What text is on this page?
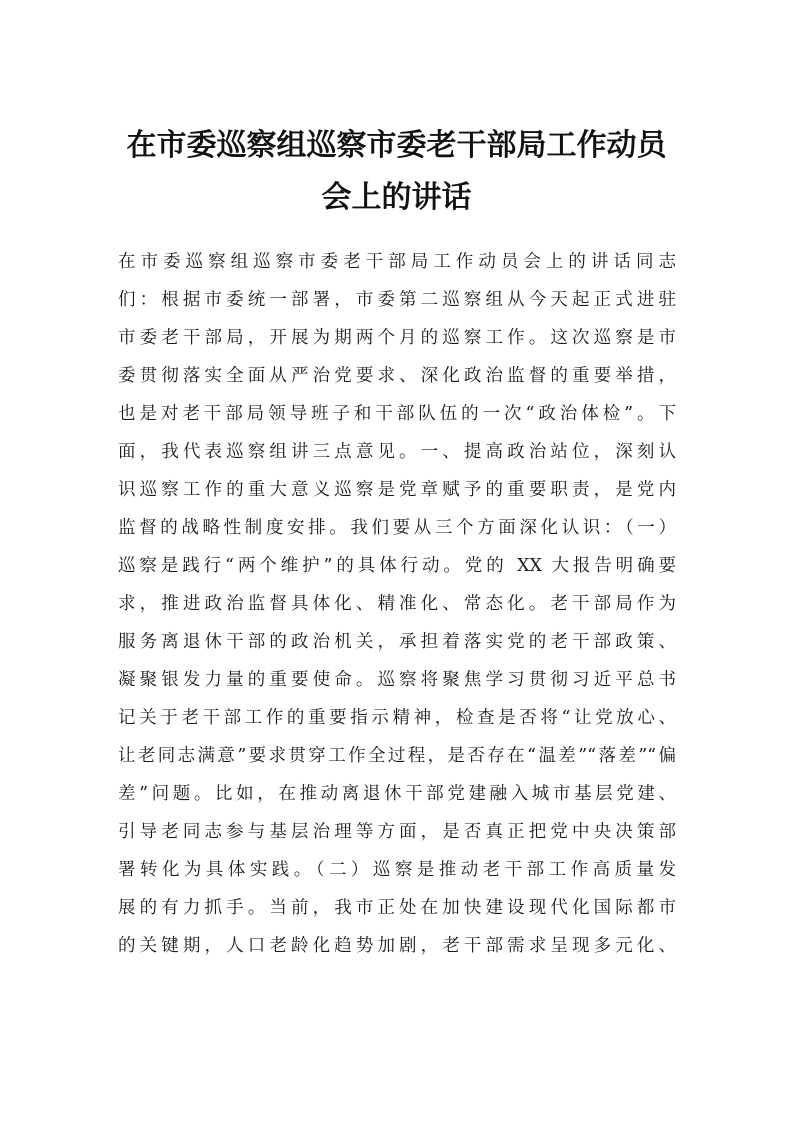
在市委巡察组巡察市委老干部局工作动员
会上的讲话
在市委巡察组巡察市委老干部局工作动员会上的讲话同志
们：根据市委统一部署，市委第二巡察组从今天起正式进驻
市委老干部局，开展为期两个月的巡察工作。这次巡察是市
委贯彻落实全面从严治党要求、深化政治监督的重要举措，
也是对老干部局领导班子和干部队伍的一次“政治体检”。下
面，我代表巡察组讲三点意见。一、提高政治站位，深刻认
识巡察工作的重大意义巡察是党章赋予的重要职责，是党内
监督的战略性制度安排。我们要从三个方面深化认识：（一）
巡察是践行“两个维护”的具体行动。党的 XX 大报告明确要
求，推进政治监督具体化、精准化、常态化。老干部局作为
服务离退休干部的政治机关，承担着落实党的老干部政策、
凝聚银发力量的重要使命。巡察将聚焦学习贯彻习近平总书
记关于老干部工作的重要指示精神，检查是否将“让党放心、
让老同志满意”要求贯穿工作全过程，是否存在“温差”“落差”“偏
差”问题。比如，在推动离退休干部党建融入城市基层党建、
引导老同志参与基层治理等方面，是否真正把党中央决策部
署转化为具体实践。（二）巡察是推动老干部工作高质量发
展的有力抓手。当前，我市正处在加快建设现代化国际都市
的关键期，人口老龄化趋势加剧，老干部需求呈现多元化、
